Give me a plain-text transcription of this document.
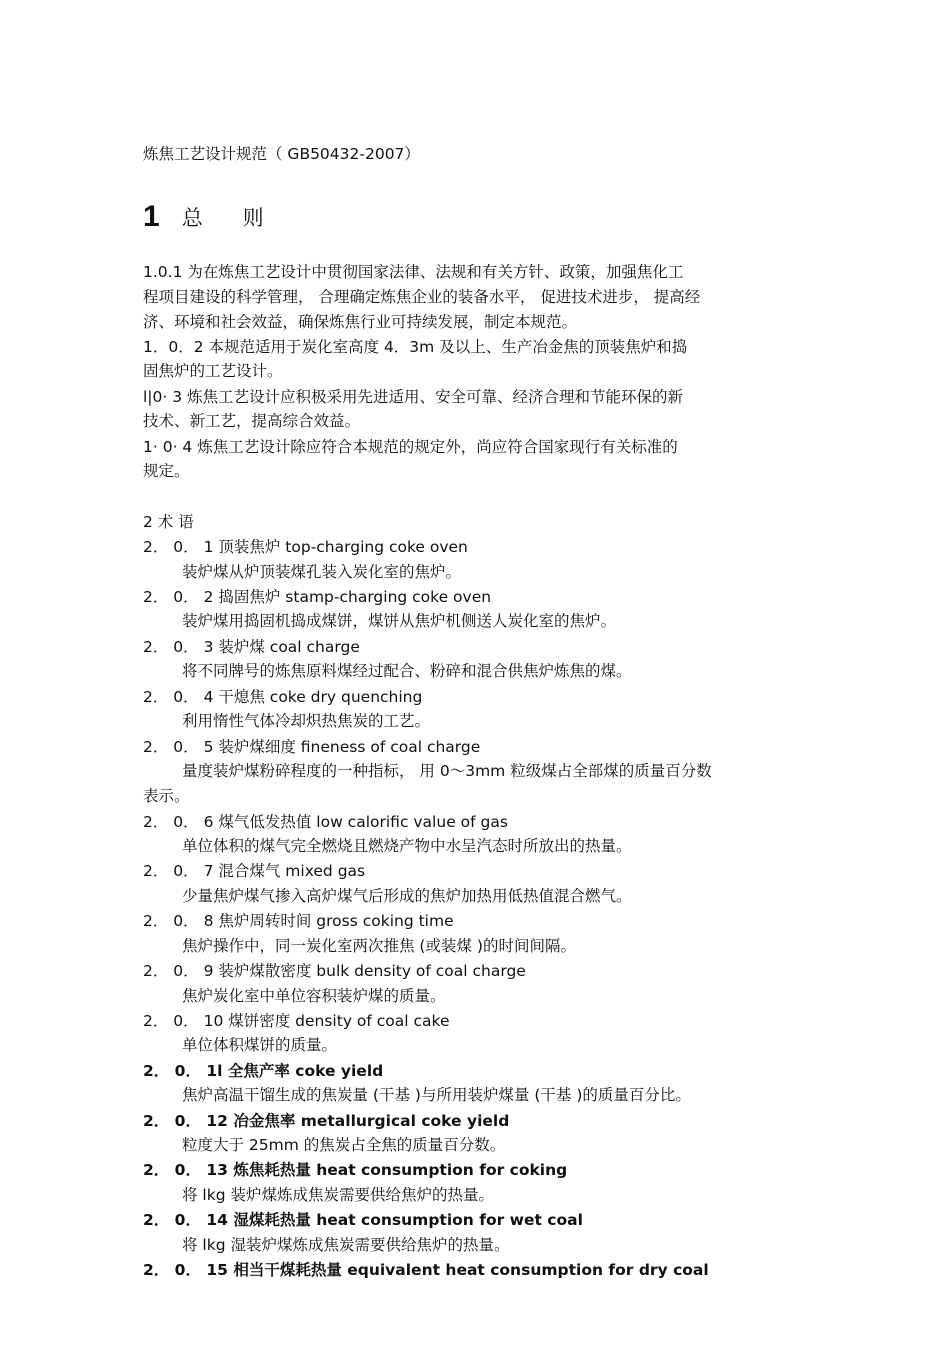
炼焦工艺设计规范（ GB50432-2007）
1 总则
1.0.1 为在炼焦工艺设计中贯彻国家法律、法规和有关方针、政策，加强焦化工
程项目建设的科学管理， 合理确定炼焦企业的装备水平， 促进技术进步， 提高经
济、环境和社会效益，确保炼焦行业可持续发展，制定本规范。
1．0．2 本规范适用于炭化室高度 4．3m 及以上、生产冶金焦的顶装焦炉和捣
固焦炉的工艺设计。
l|0· 3 炼焦工艺设计应积极采用先进适用、安全可靠、经济合理和节能环保的新
技术、新工艺，提高综合效益。
1· 0· 4 炼焦工艺设计除应符合本规范的规定外，尚应符合国家现行有关标准的
规定。
2 术 语
2． 0． 1 顶装焦炉 top-charging coke oven
装炉煤从炉顶装煤孔装入炭化室的焦炉。
2． 0． 2 捣固焦炉 stamp-charging coke oven
装炉煤用捣固机捣成煤饼，煤饼从焦炉机侧送人炭化室的焦炉。
2． 0． 3 装炉煤 coal charge
将不同牌号的炼焦原料煤经过配合、粉碎和混合供焦炉炼焦的煤。
2． 0． 4 干熄焦 coke dry quenching
利用惰性气体冷却炽热焦炭的工艺。
2． 0． 5 装炉煤细度 fineness of coal charge
量度装炉煤粉碎程度的一种指标， 用 0～3mm 粒级煤占全部煤的质量百分数
表示。
2． 0． 6 煤气低发热值 low calorific value of gas
单位体积的煤气完全燃烧且燃烧产物中水呈汽态时所放出的热量。
2． 0． 7 混合煤气 mixed gas
少量焦炉煤气掺入高炉煤气后形成的焦炉加热用低热值混合燃气。
2． 0． 8 焦炉周转时间 gross coking time
焦炉操作中，同一炭化室两次推焦 (或装煤 )的时间间隔。
2． 0． 9 装炉煤散密度 bulk density of coal charge
焦炉炭化室中单位容积装炉煤的质量。
2． 0． 10 煤饼密度 density of coal cake
单位体积煤饼的质量。
2． 0． 1l 全焦产率 coke yield
焦炉高温干馏生成的焦炭量 (干基 )与所用装炉煤量 (干基 )的质量百分比。
2． 0． 12 冶金焦率 metallurgical coke yield
粒度大于 25mm 的焦炭占全焦的质量百分数。
2． 0． 13 炼焦耗热量 heat consumption for coking
将 lkg 装炉煤炼成焦炭需要供给焦炉的热量。
2． 0． 14 湿煤耗热量 heat consumption for wet coal
将 lkg 湿装炉煤炼成焦炭需要供给焦炉的热量。
2． 0． 15 相当干煤耗热量 equivalent heat consumption for dry coal
